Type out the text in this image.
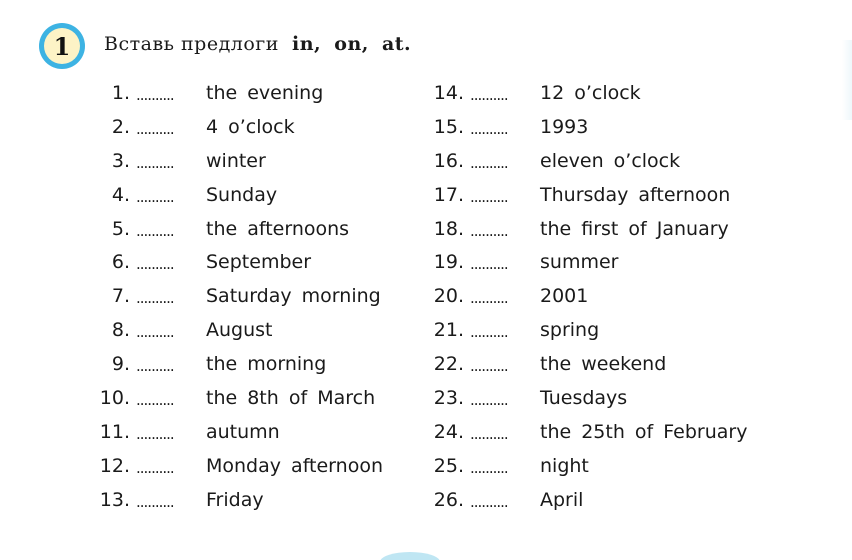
1	Вставь предлоги in, on, at.
1. ..........	the evening
2. ..........	4 o’clock
3. ..........	winter
4. ..........	Sunday
5. ..........	the afternoons
6. ..........	September
7. ..........	Saturday morning
8. ..........	August
9. ..........	the morning
10. ..........	the 8th of March
11. ..........	autumn
12. ..........	Monday afternoon
13. ..........	Friday
14. ..........	12 o’clock
15. ..........	1993
16. ..........	eleven o’clock
17. ..........	Thursday afternoon
18. ..........	the first of January
19. ..........	summer
20. ..........	2001
21. ..........	spring
22. ..........	the weekend
23. ..........	Tuesdays
24. ..........	the 25th of February
25. ..........	night
26. ..........	April
